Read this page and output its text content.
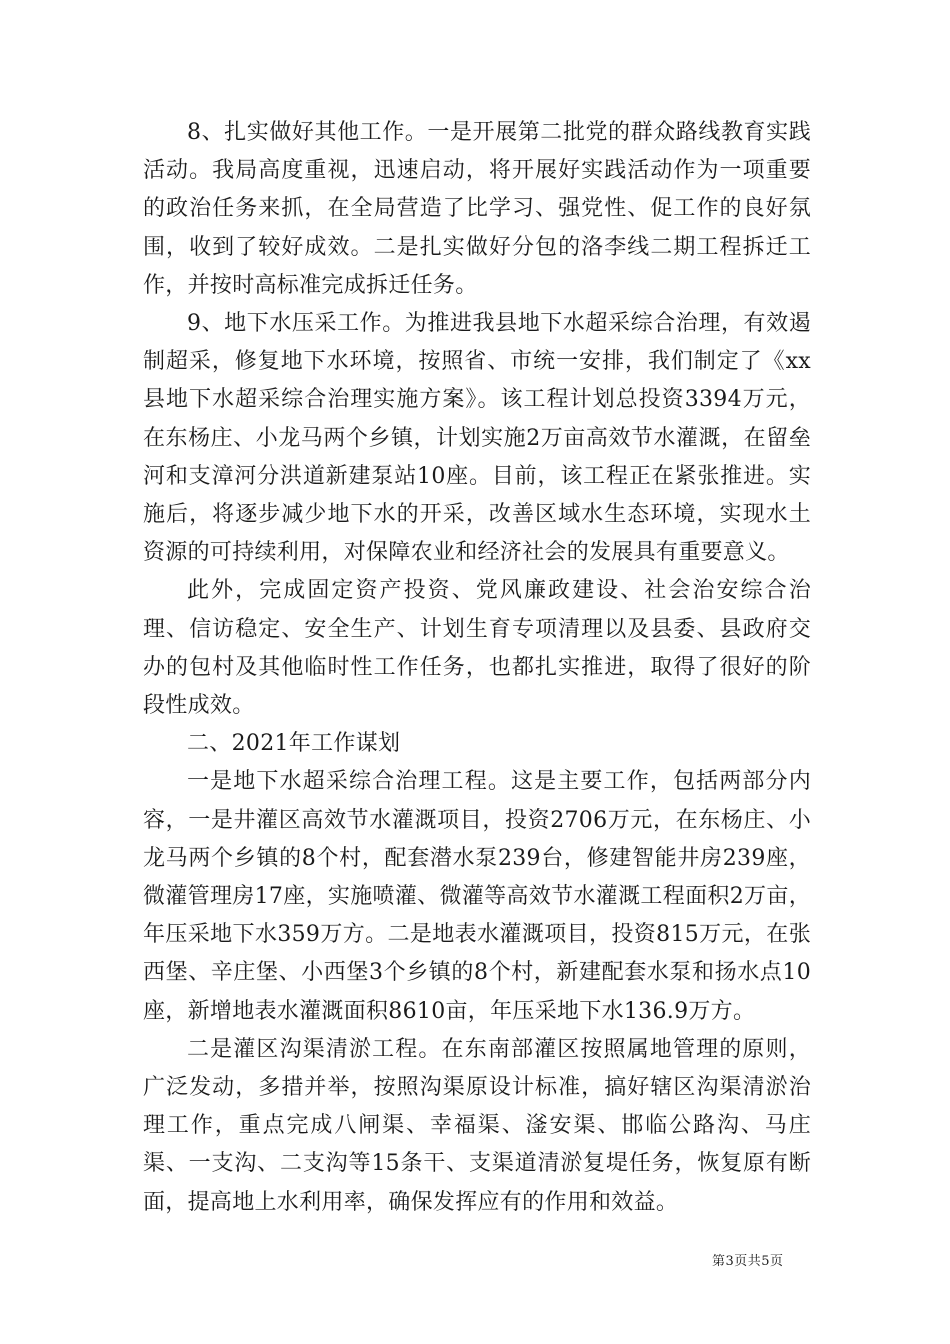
8、扎实做好其他工作。一是开展第二批党的群众路线教育实践活动。我局高度重视，迅速启动，将开展好实践活动作为一项重要的政治任务来抓，在全局营造了比学习、强党性、促工作的良好氛围，收到了较好成效。二是扎实做好分包的洛李线二期工程拆迁工作，并按时高标准完成拆迁任务。

9、地下水压采工作。为推进我县地下水超采综合治理，有效遏制超采，修复地下水环境，按照省、市统一安排，我们制定了《xx县地下水超采综合治理实施方案》。该工程计划总投资3394万元，在东杨庄、小龙马两个乡镇，计划实施2万亩高效节水灌溉，在留垒河和支漳河分洪道新建泵站10座。目前，该工程正在紧张推进。实施后，将逐步减少地下水的开采，改善区域水生态环境，实现水土资源的可持续利用，对保障农业和经济社会的发展具有重要意义。

此外，完成固定资产投资、党风廉政建设、社会治安综合治理、信访稳定、安全生产、计划生育专项清理以及县委、县政府交办的包村及其他临时性工作任务，也都扎实推进，取得了很好的阶段性成效。

二、2021年工作谋划

一是地下水超采综合治理工程。这是主要工作，包括两部分内容，一是井灌区高效节水灌溉项目，投资2706万元，在东杨庄、小龙马两个乡镇的8个村，配套潜水泵239台，修建智能井房239座，微灌管理房17座，实施喷灌、微灌等高效节水灌溉工程面积2万亩，年压采地下水359万方。二是地表水灌溉项目，投资815万元，在张西堡、辛庄堡、小西堡3个乡镇的8个村，新建配套水泵和扬水点10座，新增地表水灌溉面积8610亩，年压采地下水136.9万方。

二是灌区沟渠清淤工程。在东南部灌区按照属地管理的原则，广泛发动，多措并举，按照沟渠原设计标准，搞好辖区沟渠清淤治理工作，重点完成八闸渠、幸福渠、滏安渠、邯临公路沟、马庄渠、一支沟、二支沟等15条干、支渠道清淤复堤任务，恢复原有断面，提高地上水利用率，确保发挥应有的作用和效益。

第3页共5页
